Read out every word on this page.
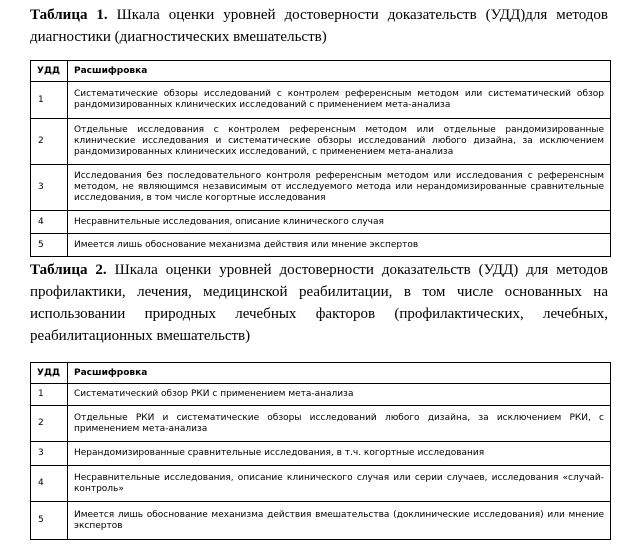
Таблица 1. Шкала оценки уровней достоверности доказательств (УДД)для методов диагностики (диагностических вмешательств)
УДД	Расшифровка
1	Систематические обзоры исследований с контролем референсным методом или систематический обзор рандомизированных клинических исследований с применением мета-анализа
2	Отдельные исследования с контролем референсным методом или отдельные рандомизированные клинические исследования и систематические обзоры исследований любого дизайна, за исключением рандомизированных клинических исследований, с применением мета-анализа
3	Исследования без последовательного контроля референсным методом или исследования с референсным методом, не являющимся независимым от исследуемого метода или нерандомизированные сравнительные исследования, в том числе когортные исследования
4	Несравнительные исследования, описание клинического случая
5	Имеется лишь обоснование механизма действия или мнение экспертов
Таблица 2. Шкала оценки уровней достоверности доказательств (УДД) для методов профилактики, лечения, медицинской реабилитации, в том числе основанных на использовании природных лечебных факторов (профилактических, лечебных, реабилитационных вмешательств)
УДД	Расшифровка
1	Систематический обзор РКИ с применением мета-анализа
2	Отдельные РКИ и систематические обзоры исследований любого дизайна, за исключением РКИ, с применением мета-анализа
3	Нерандомизированные сравнительные исследования, в т.ч. когортные исследования
4	Несравнительные исследования, описание клинического случая или серии случаев, исследования «случай-контроль»
5	Имеется лишь обоснование механизма действия вмешательства (доклинические исследования) или мнение экспертов
